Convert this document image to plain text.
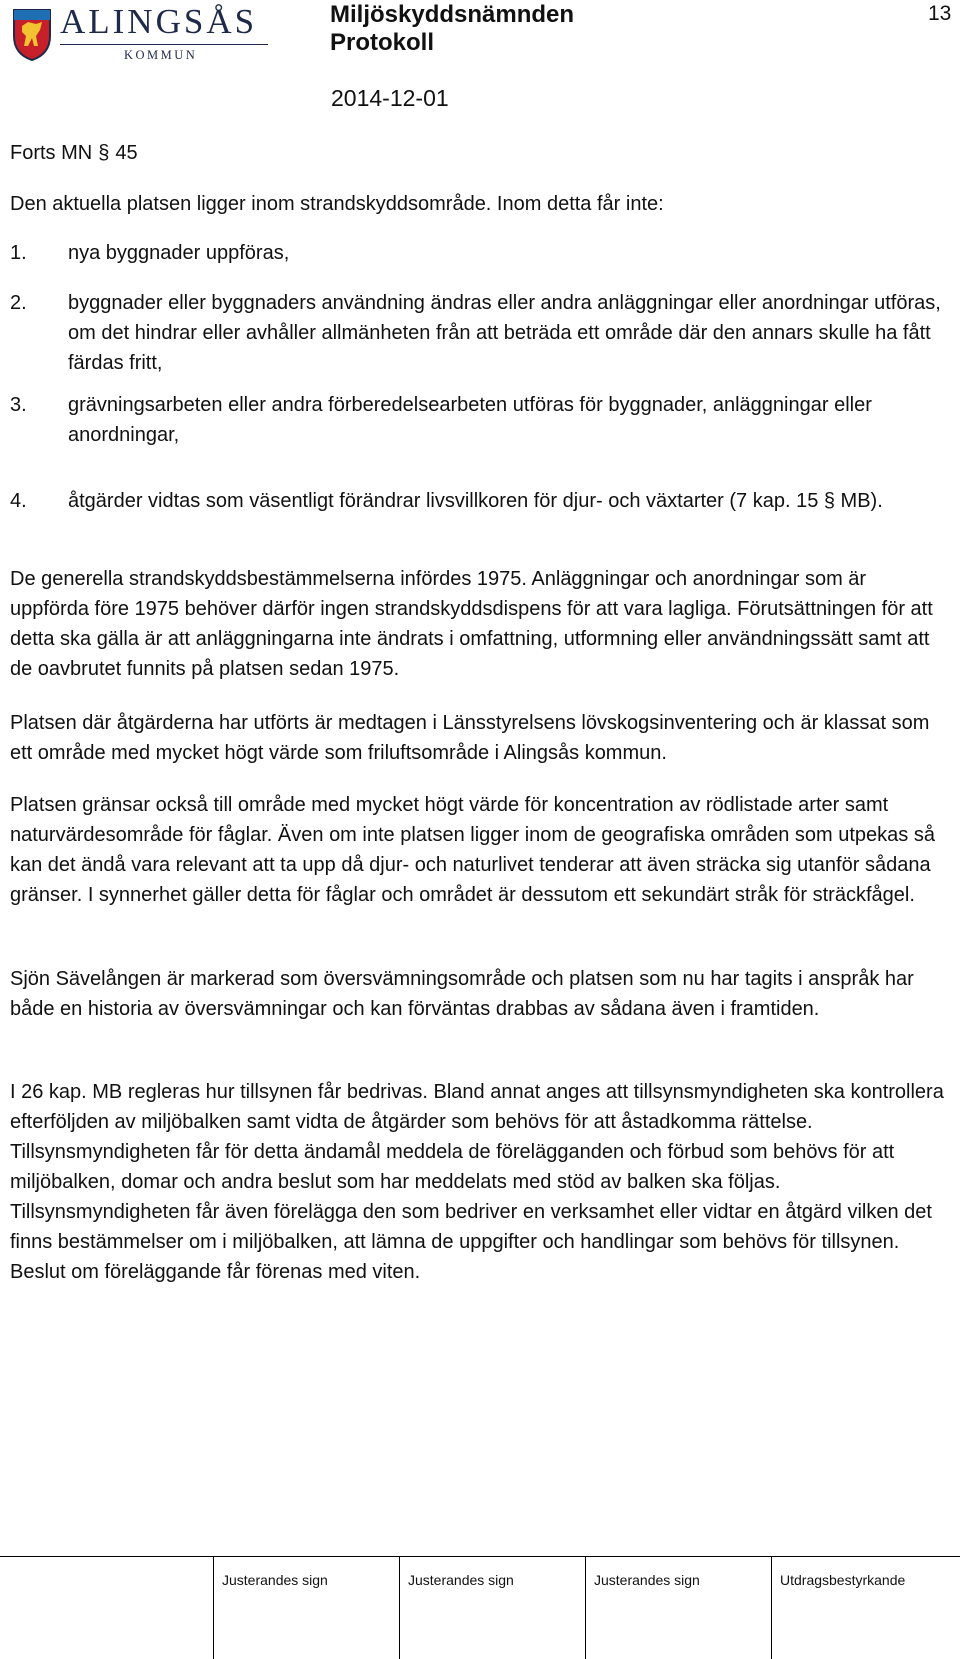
ALINGSÅS
KOMMUN
Miljöskyddsnämnden
Protokoll
2014-12-01
13

Forts MN § 45

Den aktuella platsen ligger inom strandskyddsområde. Inom detta får inte:

1. nya byggnader uppföras,
2. byggnader eller byggnaders användning ändras eller andra anläggningar eller anordningar utföras, om det hindrar eller avhåller allmänheten från att beträda ett område där den annars skulle ha fått färdas fritt,
3. grävningsarbeten eller andra förberedelsearbeten utföras för byggnader, anläggningar eller anordningar,
4. åtgärder vidtas som väsentligt förändrar livsvillkoren för djur- och växtarter (7 kap. 15 § MB).

De generella strandskyddsbestämmelserna infördes 1975. Anläggningar och anordningar som är uppförda före 1975 behöver därför ingen strandskyddsdispens för att vara lagliga. Förutsättningen för att detta ska gälla är att anläggningarna inte ändrats i omfattning, utformning eller användningssätt samt att de oavbrutet funnits på platsen sedan 1975.

Platsen där åtgärderna har utförts är medtagen i Länsstyrelsens lövskogsinventering och är klassat som ett område med mycket högt värde som friluftsområde i Alingsås kommun.

Platsen gränsar också till område med mycket högt värde för koncentration av rödlistade arter samt naturvärdesområde för fåglar. Även om inte platsen ligger inom de geografiska områden som utpekas så kan det ändå vara relevant att ta upp då djur- och naturlivet tenderar att även sträcka sig utanför sådana gränser. I synnerhet gäller detta för fåglar och området är dessutom ett sekundärt stråk för sträckfågel.

Sjön Sävelången är markerad som översvämningsområde och platsen som nu har tagits i anspråk har både en historia av översvämningar och kan förväntas drabbas av sådana även i framtiden.

I 26 kap. MB regleras hur tillsynen får bedrivas. Bland annat anges att tillsynsmyndigheten ska kontrollera efterföljden av miljöbalken samt vidta de åtgärder som behövs för att åstadkomma rättelse. Tillsynsmyndigheten får för detta ändamål meddela de förelägganden och förbud som behövs för att miljöbalken, domar och andra beslut som har meddelats med stöd av balken ska följas. Tillsynsmyndigheten får även förelägga den som bedriver en verksamhet eller vidtar en åtgärd vilken det finns bestämmelser om i miljöbalken, att lämna de uppgifter och handlingar som behövs för tillsynen. Beslut om föreläggande får förenas med viten.

Justerandes sign	Justerandes sign	Justerandes sign	Utdragsbestyrkande
